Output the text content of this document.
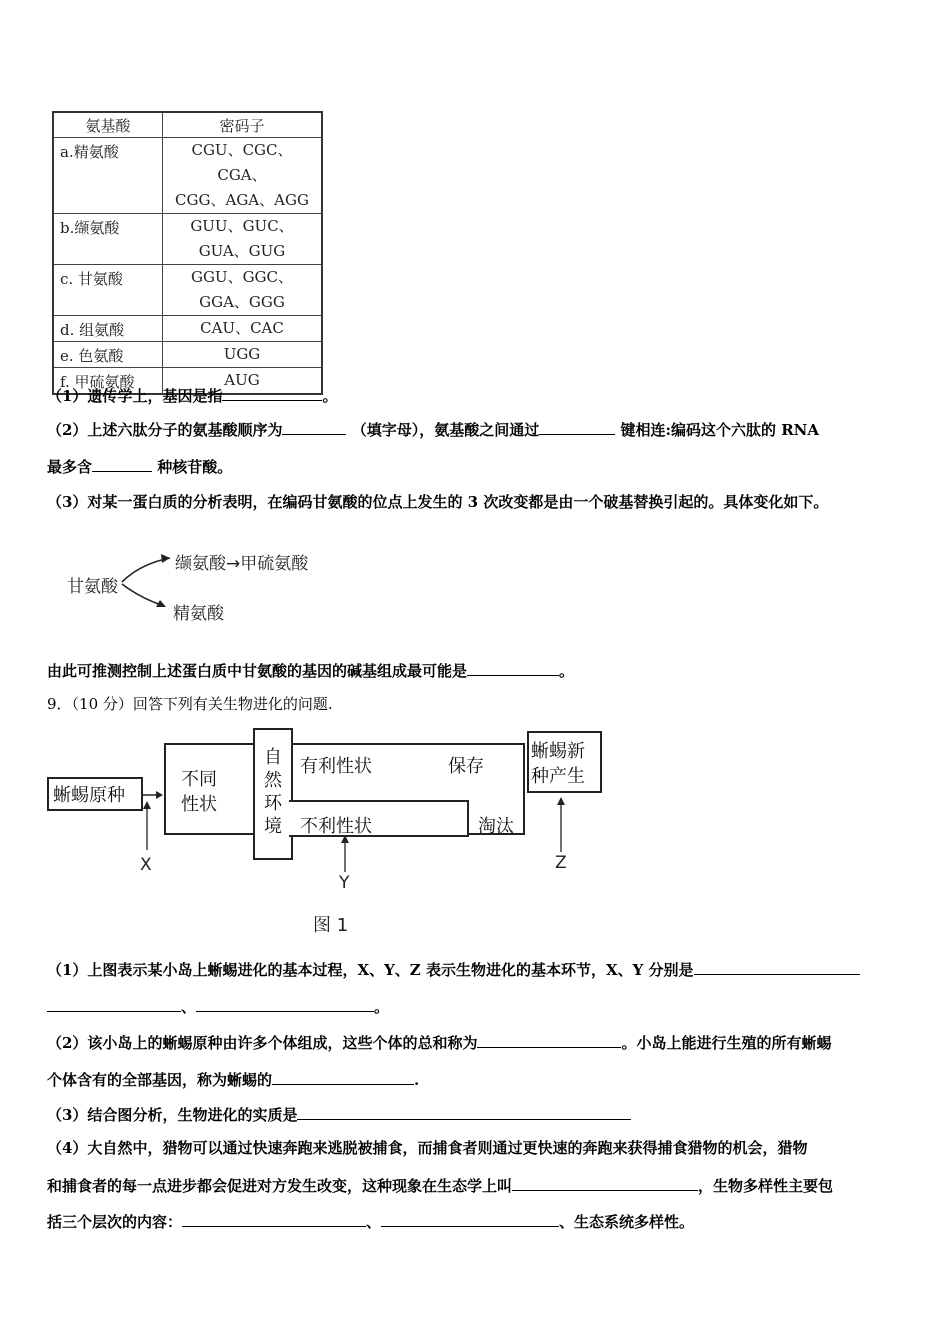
氨基酸	密码子
a.精氨酸	CGU、CGC、CGA、
CGG、AGA、AGG

b.缬氨酸	GUU、GUC、
GUA、GUG

c. 甘氨酸	GGU、GGC、
GGA、GGG

d. 组氨酸	CAU、CAC

e. 色氨酸	UGG

f. 甲硫氨酸	AUG
（1）遗传学上，基因是指	。
（2）上述六肽分子的氨基酸顺序为	（填字母），氨基酸之间通过	键相连:编码这个六肽的 RNA
最多含	种核苷酸。
（3）对某一蛋白质的分析表明，在编码甘氨酸的位点上发生的 3 次改变都是由一个破基替换引起的。具体变化如下。
甘氨酸
缬氨酸→甲硫氨酸
精氨酸
由此可推测控制上述蛋白质中甘氨酸的基因的碱基组成最可能是	。
9．（10 分）回答下列有关生物进化的问题.
蜥蜴原种
不同
性状
自
然
环
境
有利性状	保存
不利性状	淘汰
蜥蜴新
种产生
X
Y
Z
图 1
（1）上图表示某小岛上蜥蜴进化的基本过程，X、Y、Z 表示生物进化的基本环节，X、Y 分别是
、	。
（2）该小岛上的蜥蜴原种由许多个体组成，这些个体的总和称为	。小岛上能进行生殖的所有蜥蜴
个体含有的全部基因，称为蜥蜴的	.
（3）结合图分析，生物进化的实质是
（4）大自然中，猎物可以通过快速奔跑来逃脱被捕食，而捕食者则通过更快速的奔跑来获得捕食猎物的机会，猎物
和捕食者的每一点进步都会促进对方发生改变，这种现象在生态学上叫	，生物多样性主要包
括三个层次的内容：	、	、生态系统多样性。
